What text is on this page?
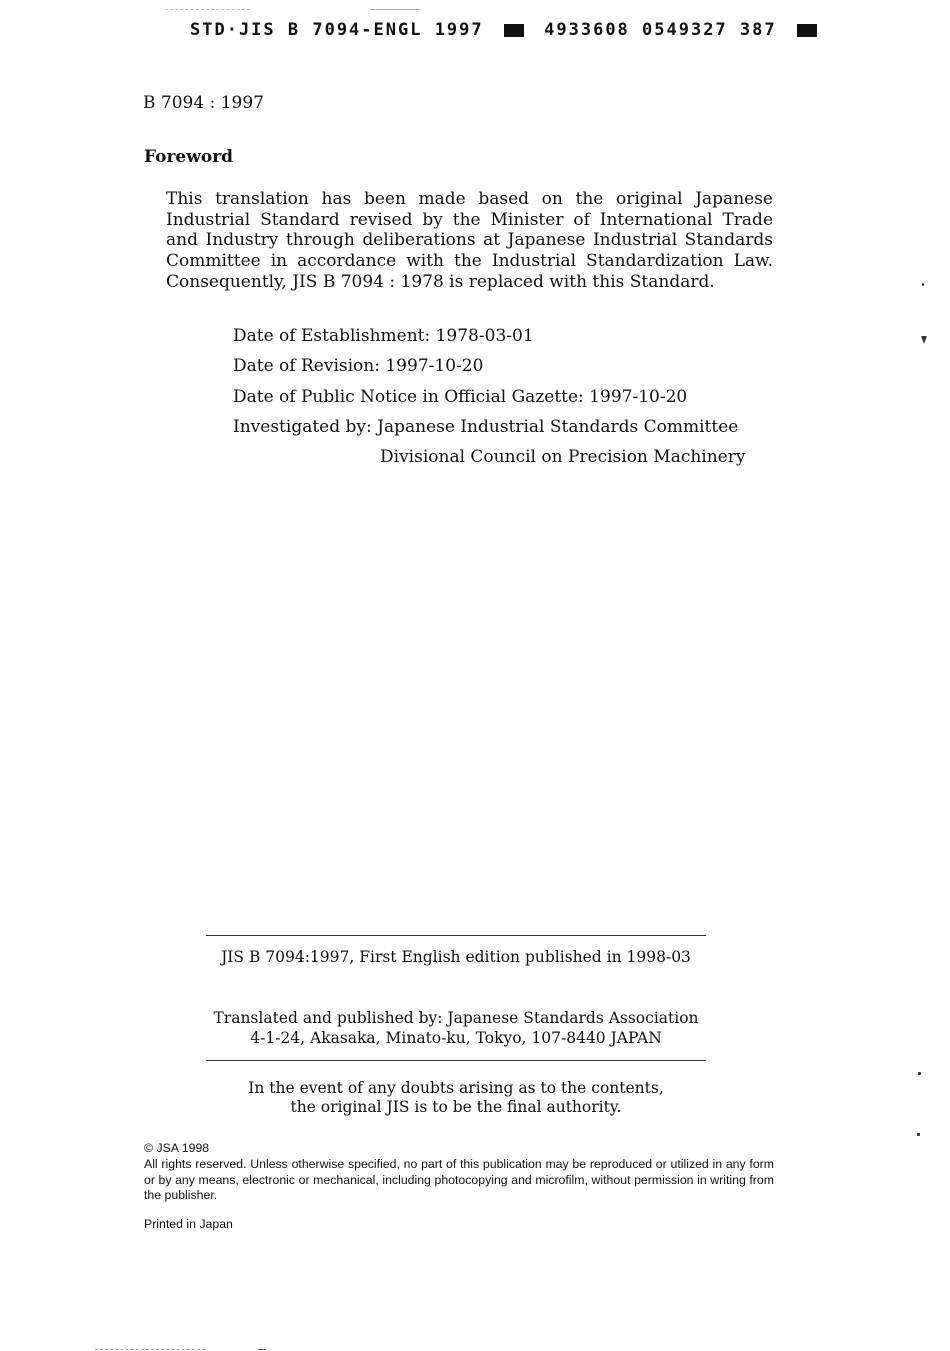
STD·JIS B 7094-ENGL 1997	4933608 0549327 387
B 7094 : 1997
Foreword
This translation has been made based on the original Japanese Industrial Standard revised by the Minister of International Trade and Industry through deliberations at Japanese Industrial Standards Committee in accordance with the Industrial Standardization Law. Consequently, JIS B 7094 : 1978 is replaced with this Standard.
Date of Establishment: 1978-03-01
Date of Revision: 1997-10-20
Date of Public Notice in Official Gazette: 1997-10-20
Investigated by: Japanese Industrial Standards Committee
Divisional Council on Precision Machinery
JIS B 7094:1997, First English edition published in 1998-03
Translated and published by: Japanese Standards Association
4-1-24, Akasaka, Minato-ku, Tokyo, 107-8440 JAPAN
In the event of any doubts arising as to the contents,
the original JIS is to be the final authority.
© JSA 1998
All rights reserved. Unless otherwise specified, no part of this publication may be reproduced or utilized in any form or by any means, electronic or mechanical, including photocopying and microfilm, without permission in writing from the publisher.
Printed in Japan
